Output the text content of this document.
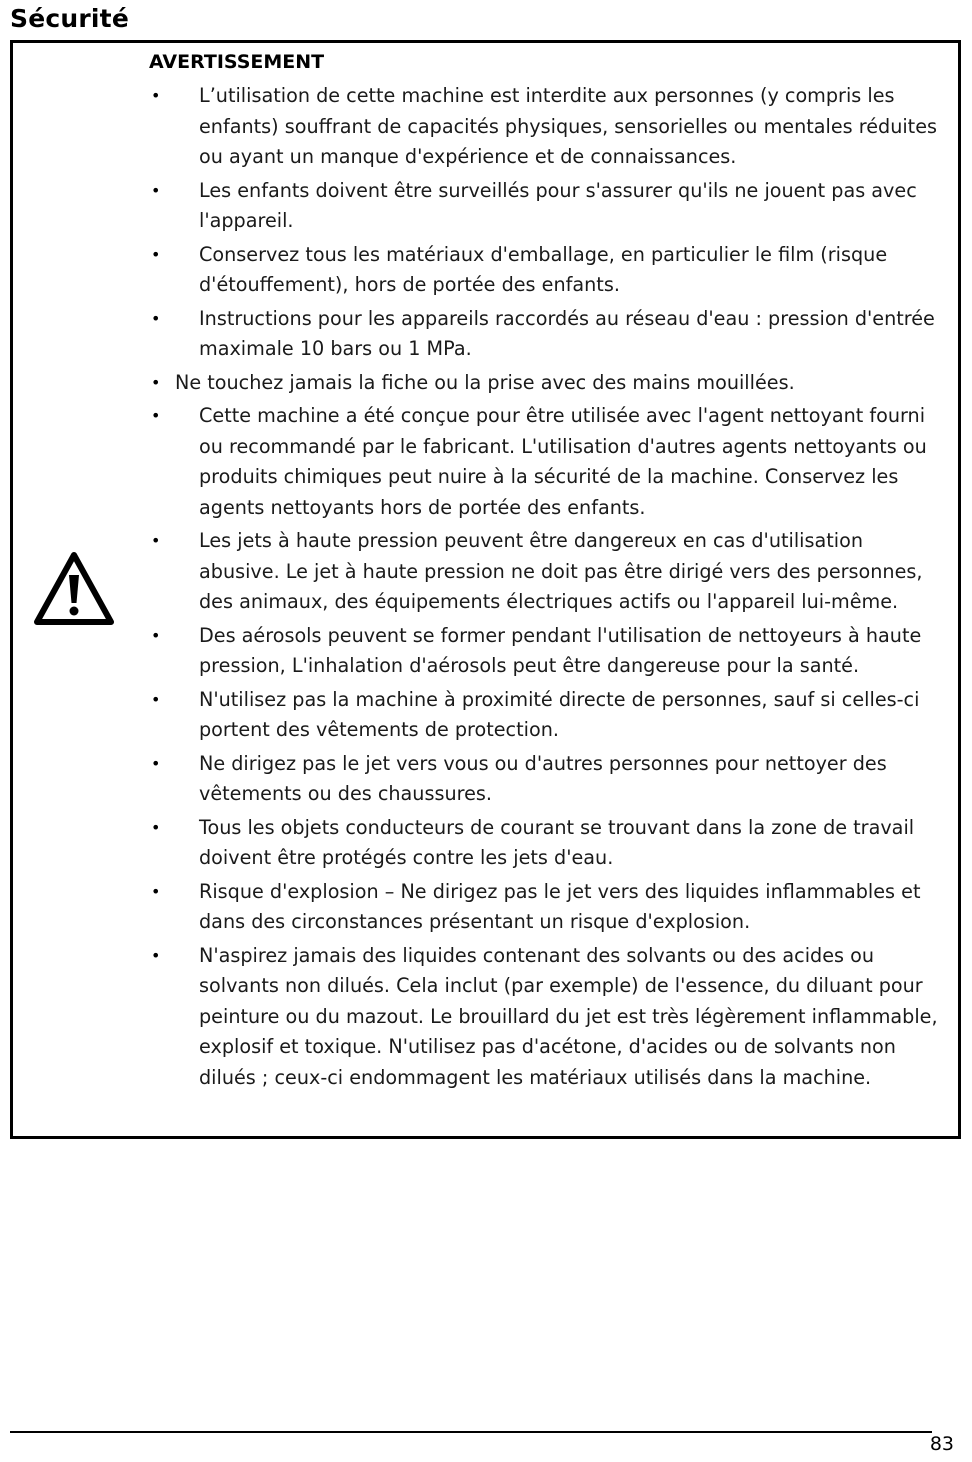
Sécurité
AVERTISSEMENT
• L’utilisation de cette machine est interdite aux personnes (y compris les enfants) souffrant de capacités physiques, sensorielles ou mentales réduites ou ayant un manque d'expérience et de connaissances.
• Les enfants doivent être surveillés pour s'assurer qu'ils ne jouent pas avec l'appareil.
• Conservez tous les matériaux d'emballage, en particulier le film (risque d'étouffement), hors de portée des enfants.
• Instructions pour les appareils raccordés au réseau d'eau : pression d'entrée maximale 10 bars ou 1 MPa.
• Ne touchez jamais la fiche ou la prise avec des mains mouillées.
• Cette machine a été conçue pour être utilisée avec l'agent nettoyant fourni ou recommandé par le fabricant. L'utilisation d'autres agents nettoyants ou produits chimiques peut nuire à la sécurité de la machine. Conservez les agents nettoyants hors de portée des enfants.
• Les jets à haute pression peuvent être dangereux en cas d'utilisation abusive. Le jet à haute pression ne doit pas être dirigé vers des personnes, des animaux, des équipements électriques actifs ou l'appareil lui-même.
• Des aérosols peuvent se former pendant l'utilisation de nettoyeurs à haute pression, L'inhalation d'aérosols peut être dangereuse pour la santé.
• N'utilisez pas la machine à proximité directe de personnes, sauf si celles-ci portent des vêtements de protection.
• Ne dirigez pas le jet vers vous ou d'autres personnes pour nettoyer des vêtements ou des chaussures.
• Tous les objets conducteurs de courant se trouvant dans la zone de travail doivent être protégés contre les jets d'eau.
• Risque d'explosion – Ne dirigez pas le jet vers des liquides inflammables et dans des circonstances présentant un risque d'explosion.
• N'aspirez jamais des liquides contenant des solvants ou des acides ou solvants non dilués. Cela inclut (par exemple) de l'essence, du diluant pour peinture ou du mazout. Le brouillard du jet est très légèrement inflammable, explosif et toxique. N'utilisez pas d'acétone, d'acides ou de solvants non dilués ; ceux-ci endommagent les matériaux utilisés dans la machine.
83
